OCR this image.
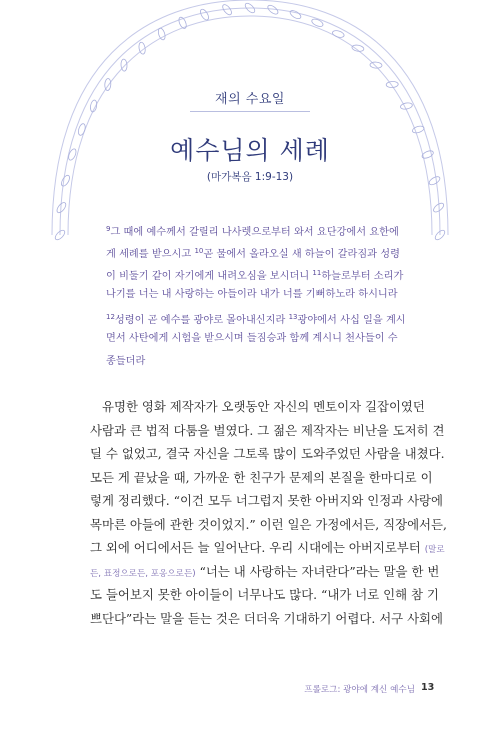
재의 수요일
예수님의 세례
(마가복음 1:9-13)
$^9$그 때에 예수께서 갈릴리 나사렛으로부터 와서 요단강에서 요한에
게 세례를 받으시고 $^{10}$곧 물에서 올라오실 새 하늘이 갈라짐과 성령
이 비둘기 같이 자기에게 내려오심을 보시더니 $^{11}$하늘로부터 소리가
나기를 너는 내 사랑하는 아들이라 내가 너를 기뻐하노라 하시니라
$^{12}$성령이 곧 예수를 광야로 몰아내신지라 $^{13}$광야에서 사십 일을 계시
면서 사탄에게 시험을 받으시며 들짐승과 함께 계시니 천사들이 수
종들더라
유명한 영화 제작자가 오랫동안 자신의 멘토이자 길잡이였던
사람과 큰 법적 다툼을 벌였다. 그 젊은 제작자는 비난을 도저히 견
딜 수 없었고, 결국 자신을 그토록 많이 도와주었던 사람을 내쳤다.
모든 게 끝났을 때, 가까운 한 친구가 문제의 본질을 한마디로 이
렇게 정리했다. “이건 모두 너그럽지 못한 아버지와 인정과 사랑에
목마른 아들에 관한 것이었지.” 이런 일은 가정에서든, 직장에서든,
그 외에 어디에서든 늘 일어난다. 우리 시대에는 아버지로부터 (말로
든, 표정으로든, 포옹으로든) “너는 내 사랑하는 자녀란다”라는 말을 한 번
도 들어보지 못한 아이들이 너무나도 많다. “내가 너로 인해 참 기
쁘단다”라는 말을 듣는 것은 더더욱 기대하기 어렵다. 서구 사회에
프롤로그: 광야에 계신 예수님 13
